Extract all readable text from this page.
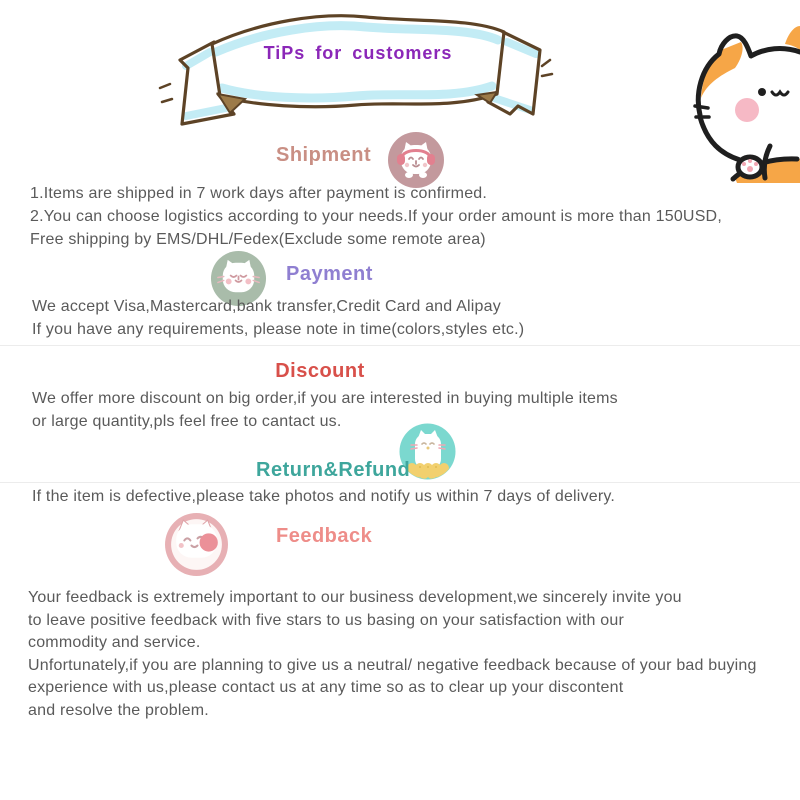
TiPs for customers
Shipment
1.Items are shipped in 7 work days after payment is confirmed.
2.You can choose logistics according to your needs.If your order amount is more than 150USD,
Free shipping by EMS/DHL/Fedex(Exclude some remote area)
Payment
We accept Visa,Mastercard,bank transfer,Credit Card and Alipay
If you have any requirements, please note in time(colors,styles etc.)
Discount
We offer more discount on big order,if you are interested in buying multiple items
or large quantity,pls feel free to cantact us.
Return&Refund
If the item is defective,please take photos and notify us within 7 days of delivery.
Feedback
Your feedback is extremely important to our business development,we sincerely invite you
to leave positive feedback with five stars to us basing on your satisfaction with our
commodity and service.
Unfortunately,if you are planning to give us a neutral/ negative feedback because of your bad buying
experience with us,please contact us at any time so as to clear up your discontent
and resolve the problem.
